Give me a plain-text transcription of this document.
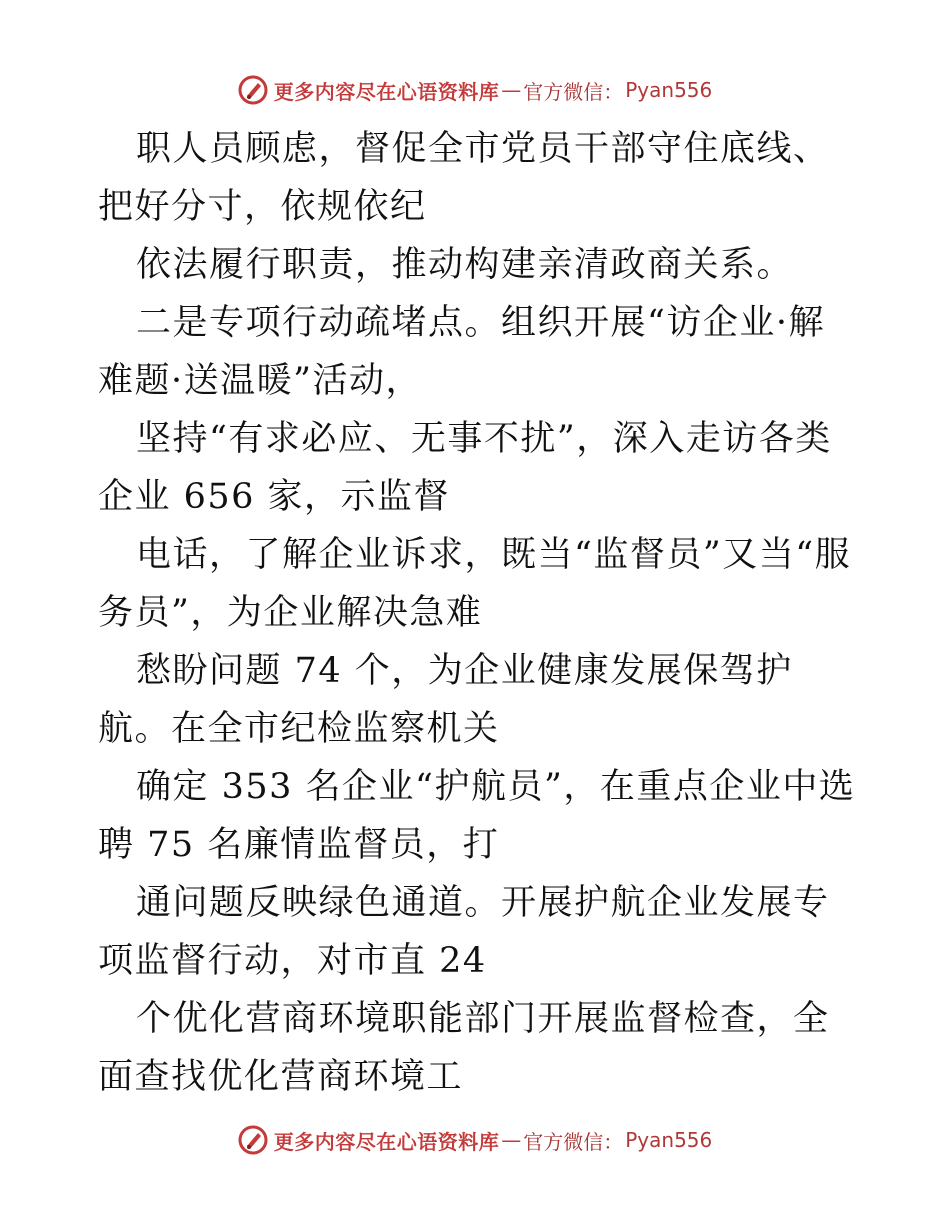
更多内容尽在心语资料库 — 官方微信： Pyan556

职人员顾虑，督促全市党员干部守住底线、把好分寸，依规依纪

依法履行职责，推动构建亲清政商关系。

二是专项行动疏堵点。组织开展“访企业·解难题·送温暖”活动，

坚持“有求必应、无事不扰”，深入走访各类企业 656 家，示监督

电话，了解企业诉求，既当“监督员”又当“服务员”，为企业解决急难

愁盼问题 74 个，为企业健康发展保驾护航。在全市纪检监察机关

确定 353 名企业“护航员”，在重点企业中选聘 75 名廉情监督员，打

通问题反映绿色通道。开展护航企业发展专项监督行动，对市直 24

个优化营商环境职能部门开展监督检查，全面查找优化营商环境工

更多内容尽在心语资料库 — 官方微信： Pyan556
